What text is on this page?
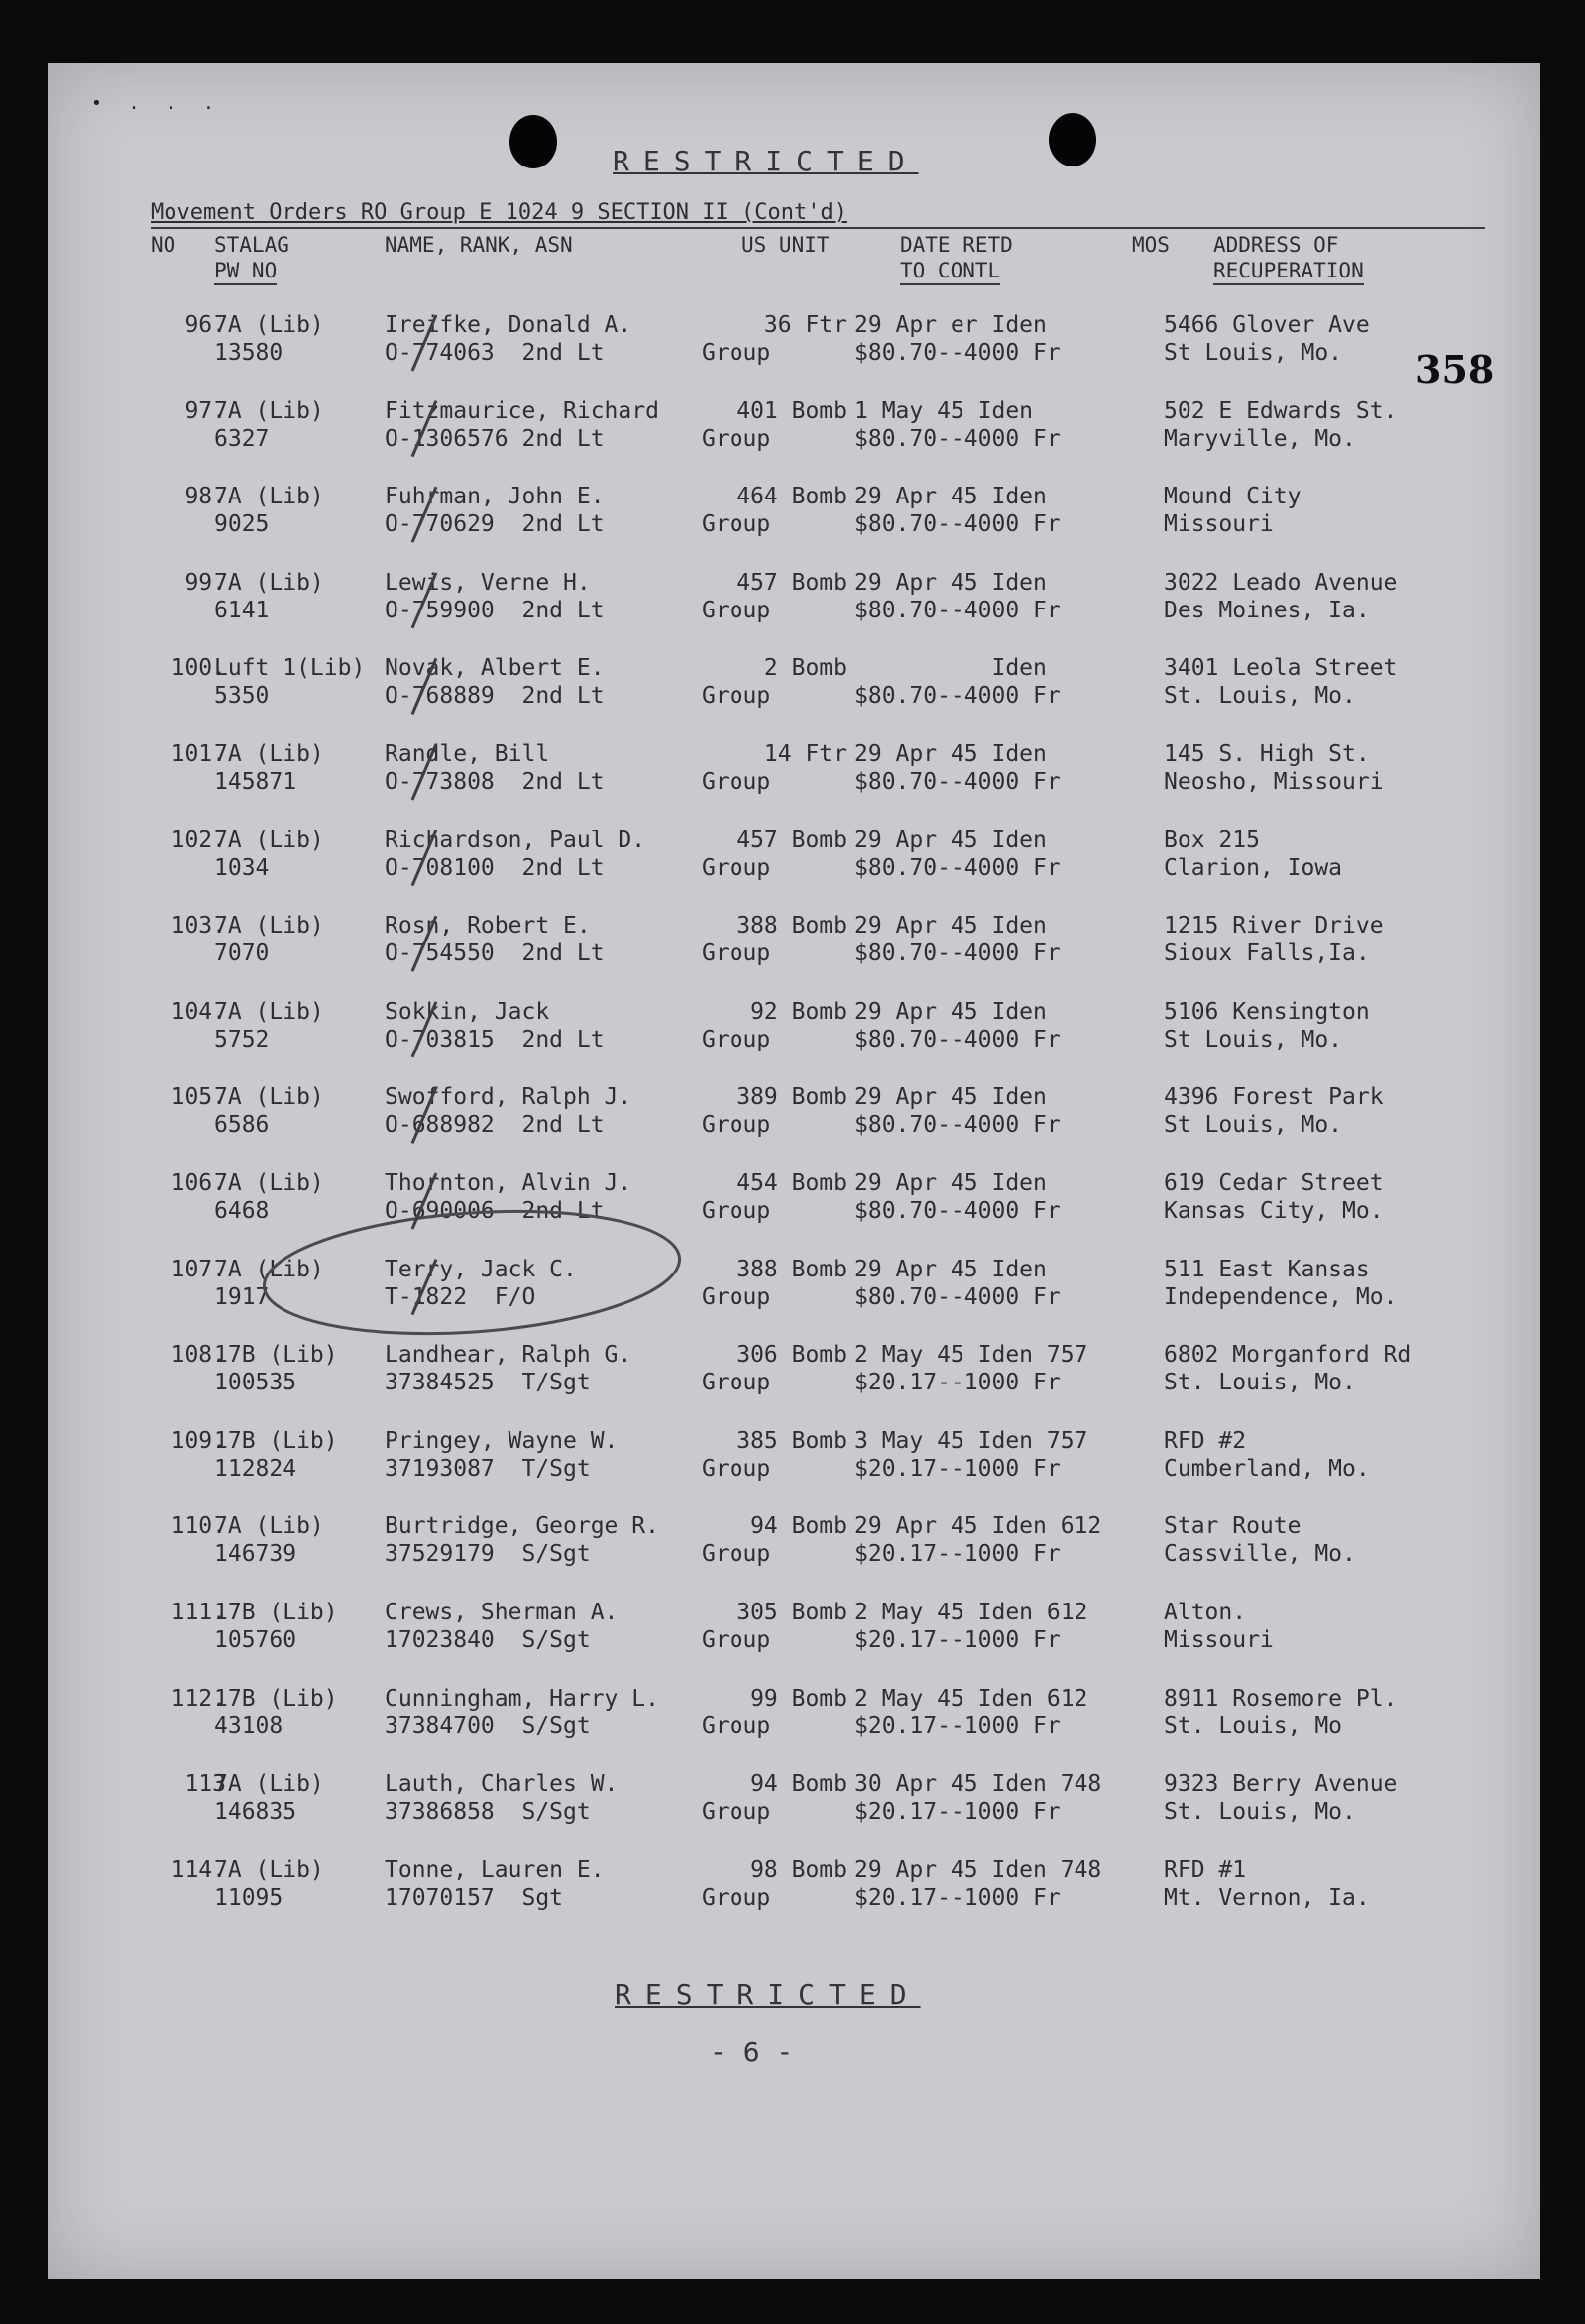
• . . .
RESTRICTED
358
Movement Orders RO Group E 1024 9 SECTION II (Cont'd)
NO STALAG
PW NO
NAME, RANK, ASN	US UNIT	DATE RETD
TO CONTL
MOS ADDRESS OF
RECUPERATION
96.
7A (Lib)
13580
Ireifke, Donald A.
O-774063  2nd Lt
36 Ftr
Group
29 Apr er Iden
$80.70--4000 Fr
5466 Glover Ave
St Louis, Mo.
97.
7A (Lib)
6327
Fitzmaurice, Richard
O-1306576 2nd Lt
401 Bomb
Group
1 May 45 Iden
$80.70--4000 Fr
502 E Edwards St.
Maryville, Mo.
98.
7A (Lib)
9025
Fuhrman, John E.
O-770629  2nd Lt
464 Bomb
Group
29 Apr 45 Iden
$80.70--4000 Fr
Mound City
Missouri
99.
7A (Lib)
6141
Lewis, Verne H.
O-759900  2nd Lt
457 Bomb
Group
29 Apr 45 Iden
$80.70--4000 Fr
3022 Leado Avenue
Des Moines, Ia.
100.
Luft 1(Lib)
5350
Novak, Albert E.
O-768889  2nd Lt
2 Bomb
Group
Iden
$80.70--4000 Fr
3401 Leola Street
St. Louis, Mo.
101.
7A (Lib)
145871
Randle, Bill
O-773808  2nd Lt
14 Ftr
Group
29 Apr 45 Iden
$80.70--4000 Fr
145 S. High St.
Neosho, Missouri
102.
7A (Lib)
1034
Richardson, Paul D.
O-708100  2nd Lt
457 Bomb
Group
29 Apr 45 Iden
$80.70--4000 Fr
Box 215
Clarion, Iowa
103.
7A (Lib)
7070
Rosn, Robert E.
O-754550  2nd Lt
388 Bomb
Group
29 Apr 45 Iden
$80.70--4000 Fr
1215 River Drive
Sioux Falls,Ia.
104.
7A (Lib)
5752
Sokkin, Jack
O-703815  2nd Lt
92 Bomb
Group
29 Apr 45 Iden
$80.70--4000 Fr
5106 Kensington
St Louis, Mo.
105.
7A (Lib)
6586
Swofford, Ralph J.
O-688982  2nd Lt
389 Bomb
Group
29 Apr 45 Iden
$80.70--4000 Fr
4396 Forest Park
St Louis, Mo.
106.
7A (Lib)
6468
Thornton, Alvin J.
O-690006  2nd Lt
454 Bomb
Group
29 Apr 45 Iden
$80.70--4000 Fr
619 Cedar Street
Kansas City, Mo.
107.
7A (Lib)
1917
Terry, Jack C.
T-1822  F/O
388 Bomb
Group
29 Apr 45 Iden
$80.70--4000 Fr
511 East Kansas
Independence, Mo.
108.
17B (Lib)
100535
Landhear, Ralph G.
37384525  T/Sgt
306 Bomb
Group
2 May 45 Iden 757
$20.17--1000 Fr
6802 Morganford Rd
St. Louis, Mo.
109.
17B (Lib)
112824
Pringey, Wayne W.
37193087  T/Sgt
385 Bomb
Group
3 May 45 Iden 757
$20.17--1000 Fr
RFD #2
Cumberland, Mo.
110.
7A (Lib)
146739
Burtridge, George R.
37529179  S/Sgt
94 Bomb
Group
29 Apr 45 Iden 612
$20.17--1000 Fr
Star Route
Cassville, Mo.
111.
17B (Lib)
105760
Crews, Sherman A.
17023840  S/Sgt
305 Bomb
Group
2 May 45 Iden 612
$20.17--1000 Fr
Alton.
Missouri
112.
17B (Lib)
43108
Cunningham, Harry L.
37384700  S/Sgt
99 Bomb
Group
2 May 45 Iden 612
$20.17--1000 Fr
8911 Rosemore Pl.
St. Louis, Mo
113
7A (Lib)
146835
Lauth, Charles W.
37386858  S/Sgt
94 Bomb
Group
30 Apr 45 Iden 748
$20.17--1000 Fr
9323 Berry Avenue
St. Louis, Mo.
114.
7A (Lib)
11095
Tonne, Lauren E.
17070157  Sgt
98 Bomb
Group
29 Apr 45 Iden 748
$20.17--1000 Fr
RFD #1
Mt. Vernon, Ia.
RESTRICTED
- 6 -
